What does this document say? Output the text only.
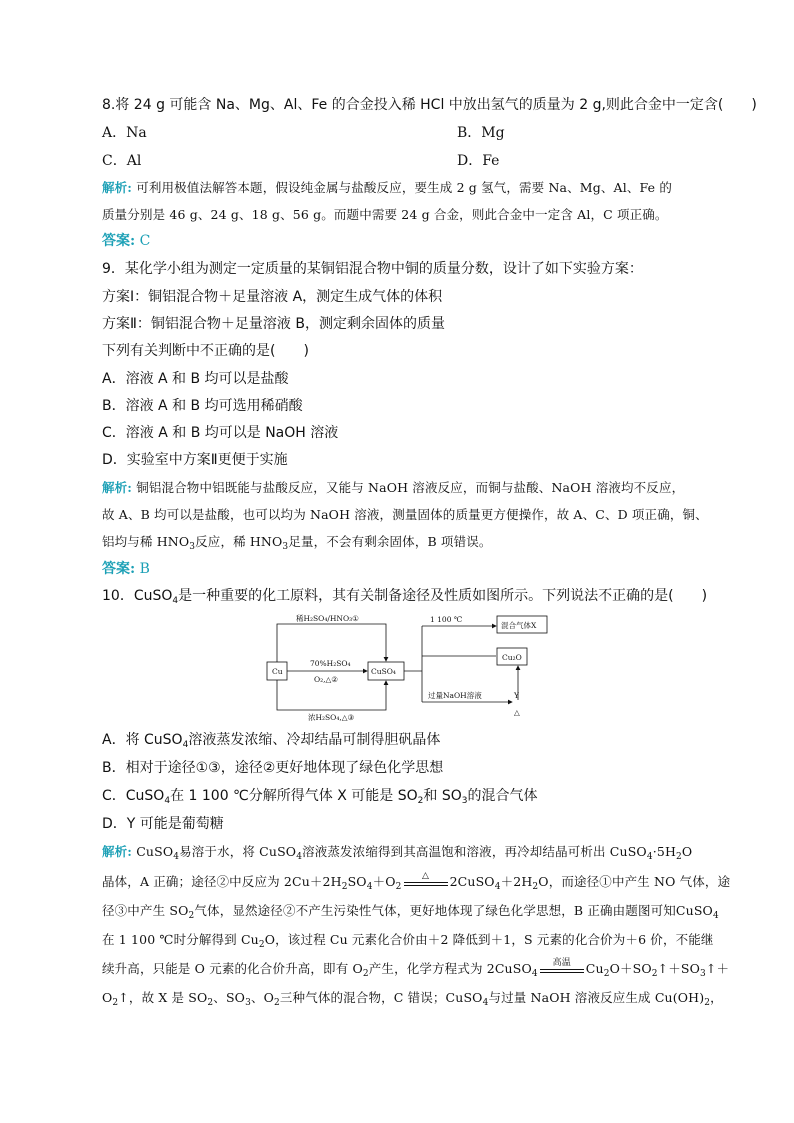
8.将 24 g 可能含 Na、Mg、Al、Fe 的合金投入稀 HCl 中放出氢气的质量为 2 g,则此合金中一定含(　　)
A．Na	B．Mg
C．Al	D．Fe
解析: 可利用极值法解答本题，假设纯金属与盐酸反应，要生成 2 g 氢气，需要 Na、Mg、Al、Fe 的
质量分别是 46 g、24 g、18 g、56 g。而题中需要 24 g 合金，则此合金中一定含 Al，C 项正确。
答案: C
9．某化学小组为测定一定质量的某铜铝混合物中铜的质量分数，设计了如下实验方案：
方案Ⅰ：铜铝混合物＋足量溶液 A，测定生成气体的体积
方案Ⅱ：铜铝混合物＋足量溶液 B，测定剩余固体的质量
下列有关判断中不正确的是(　　)
A．溶液 A 和 B 均可以是盐酸
B．溶液 A 和 B 均可选用稀硝酸
C．溶液 A 和 B 均可以是 NaOH 溶液
D．实验室中方案Ⅱ更便于实施
解析: 铜铝混合物中铝既能与盐酸反应，又能与 NaOH 溶液反应，而铜与盐酸、NaOH 溶液均不反应，
故 A、B 均可以是盐酸，也可以均为 NaOH 溶液，测量固体的质量更方便操作，故 A、C、D 项正确，铜、
铝均与稀 $HNO_3$反应，稀 $HNO_3$足量，不会有剩余固体，B 项错误。
答案: B
10．CuSO$_4$是一种重要的化工原料，其有关制备途径及性质如图所示。下列说法不正确的是(　　)
Cu	CuSO₄
稀H₂SO₄/HNO₃①
70%H₂SO₄
O₂,△②
浓H₂SO₄,△③
1 100 ℃
混合气体X
Cu₂O
过量NaOH溶液	Y
△
A．将 CuSO$_4$溶液蒸发浓缩、冷却结晶可制得胆矾晶体
B．相对于途径①③，途径②更好地体现了绿色化学思想
C．CuSO$_4$在 1 100 ℃分解所得气体 X 可能是 $SO_2$和 $SO_3$的混合气体
D．Y 可能是葡萄糖
解析: CuSO$_4$易溶于水，将 CuSO$_4$溶液蒸发浓缩得到其高温饱和溶液，再冷却结晶可析出 $CuSO_4\cdot 5H_2O$
晶体，A 正确；途径②中反应为 $2Cu+2H_2SO_4+O_2$
△	$2CuSO_4+2H_2O$，而途径①中产生 NO 气体，途
径③中产生 $SO_2$气体，显然途径②不产生污染性气体，更好地体现了绿色化学思想，B 正确由题图可知CuSO$_4$
在 1 100 ℃时分解得到 $Cu_2O$，该过程 Cu 元素化合价由＋2 降低到＋1，S 元素的化合价为＋6 价，不能继
续升高，只能是 O 元素的化合价升高，即有 $O_2$产生，化学方程式为 2CuSO$_4$
高温	$Cu_2O+SO_2↑+SO_3↑+$
$O_2↑$，故 X 是 $SO_2$、$SO_3$、$O_2$三种气体的混合物，C 错误；CuSO$_4$与过量 NaOH 溶液反应生成 $Cu(OH)_2$，
